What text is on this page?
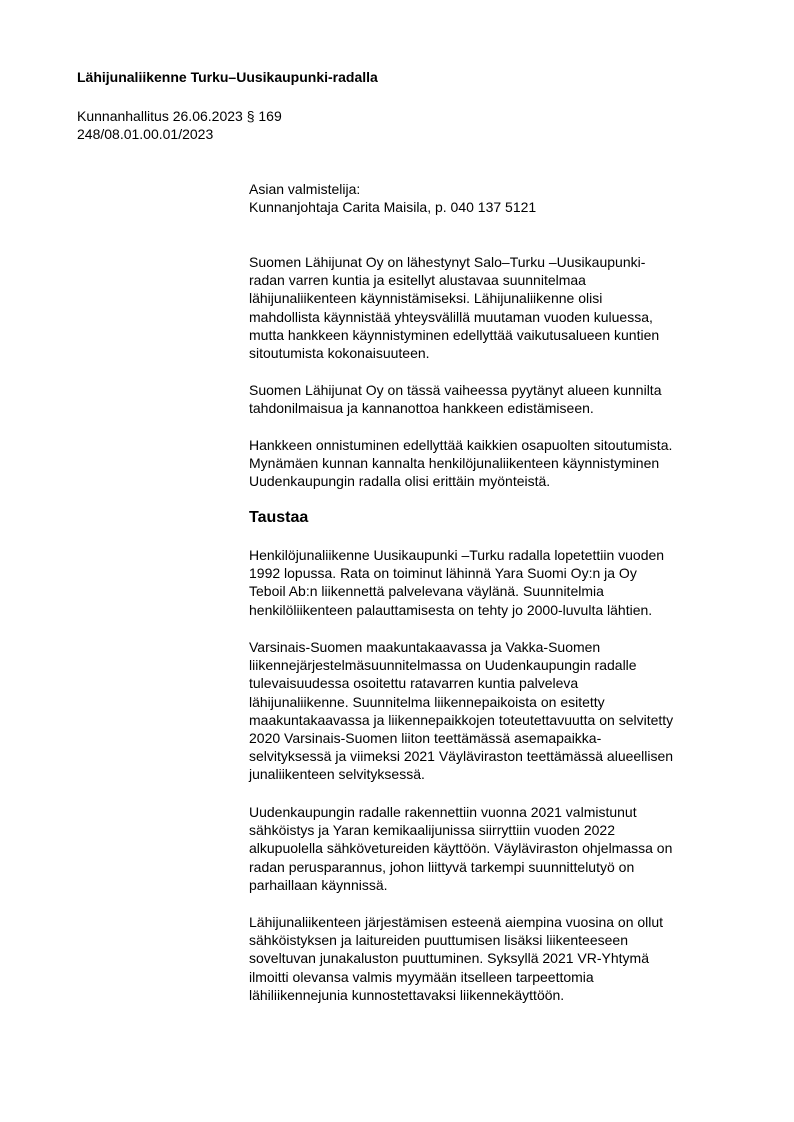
Lähijunaliikenne Turku–Uusikaupunki-radalla
Kunnanhallitus 26.06.2023 § 169
248/08.01.00.01/2023
Asian valmistelija:
Kunnanjohtaja Carita Maisila, p. 040 137 5121

Suomen Lähijunat Oy on lähestynyt Salo–Turku –Uusikaupunki-

radan varren kuntia ja esitellyt alustavaa suunnitelmaa

lähijunaliikenteen käynnistämiseksi. Lähijunaliikenne olisi

mahdollista käynnistää yhteysvälillä muutaman vuoden kuluessa,

mutta hankkeen käynnistyminen edellyttää vaikutusalueen kuntien

sitoutumista kokonaisuuteen.

Suomen Lähijunat Oy on tässä vaiheessa pyytänyt alueen kunnilta

tahdonilmaisua ja kannanottoa hankkeen edistämiseen.

Hankkeen onnistuminen edellyttää kaikkien osapuolten sitoutumista.

Mynämäen kunnan kannalta henkilöjunaliikenteen käynnistyminen

Uudenkaupungin radalla olisi erittäin myönteistä.

Taustaa

Henkilöjunaliikenne Uusikaupunki –Turku radalla lopetettiin vuoden

1992 lopussa. Rata on toiminut lähinnä Yara Suomi Oy:n ja Oy

Teboil Ab:n liikennettä palvelevana väylänä. Suunnitelmia

henkilöliikenteen palauttamisesta on tehty jo 2000-luvulta lähtien.

Varsinais-Suomen maakuntakaavassa ja Vakka-Suomen

liikennejärjestelmäsuunnitelmassa on Uudenkaupungin radalle

tulevaisuudessa osoitettu ratavarren kuntia palveleva

lähijunaliikenne. Suunnitelma liikennepaikoista on esitetty

maakuntakaavassa ja liikennepaikkojen toteutettavuutta on selvitetty

2020 Varsinais-Suomen liiton teettämässä asemapaikka-

selvityksessä ja viimeksi 2021 Väyläviraston teettämässä alueellisen

junaliikenteen selvityksessä.

Uudenkaupungin radalle rakennettiin vuonna 2021 valmistunut

sähköistys ja Yaran kemikaalijunissa siirryttiin vuoden 2022

alkupuolella sähkövetureiden käyttöön. Väyläviraston ohjelmassa on

radan perusparannus, johon liittyvä tarkempi suunnittelutyö on

parhaillaan käynnissä.

Lähijunaliikenteen järjestämisen esteenä aiempina vuosina on ollut

sähköistyksen ja laitureiden puuttumisen lisäksi liikenteeseen

soveltuvan junakaluston puuttuminen. Syksyllä 2021 VR-Yhtymä

ilmoitti olevansa valmis myymään itselleen tarpeettomia

lähiliikennejunia kunnostettavaksi liikennekäyttöön.
